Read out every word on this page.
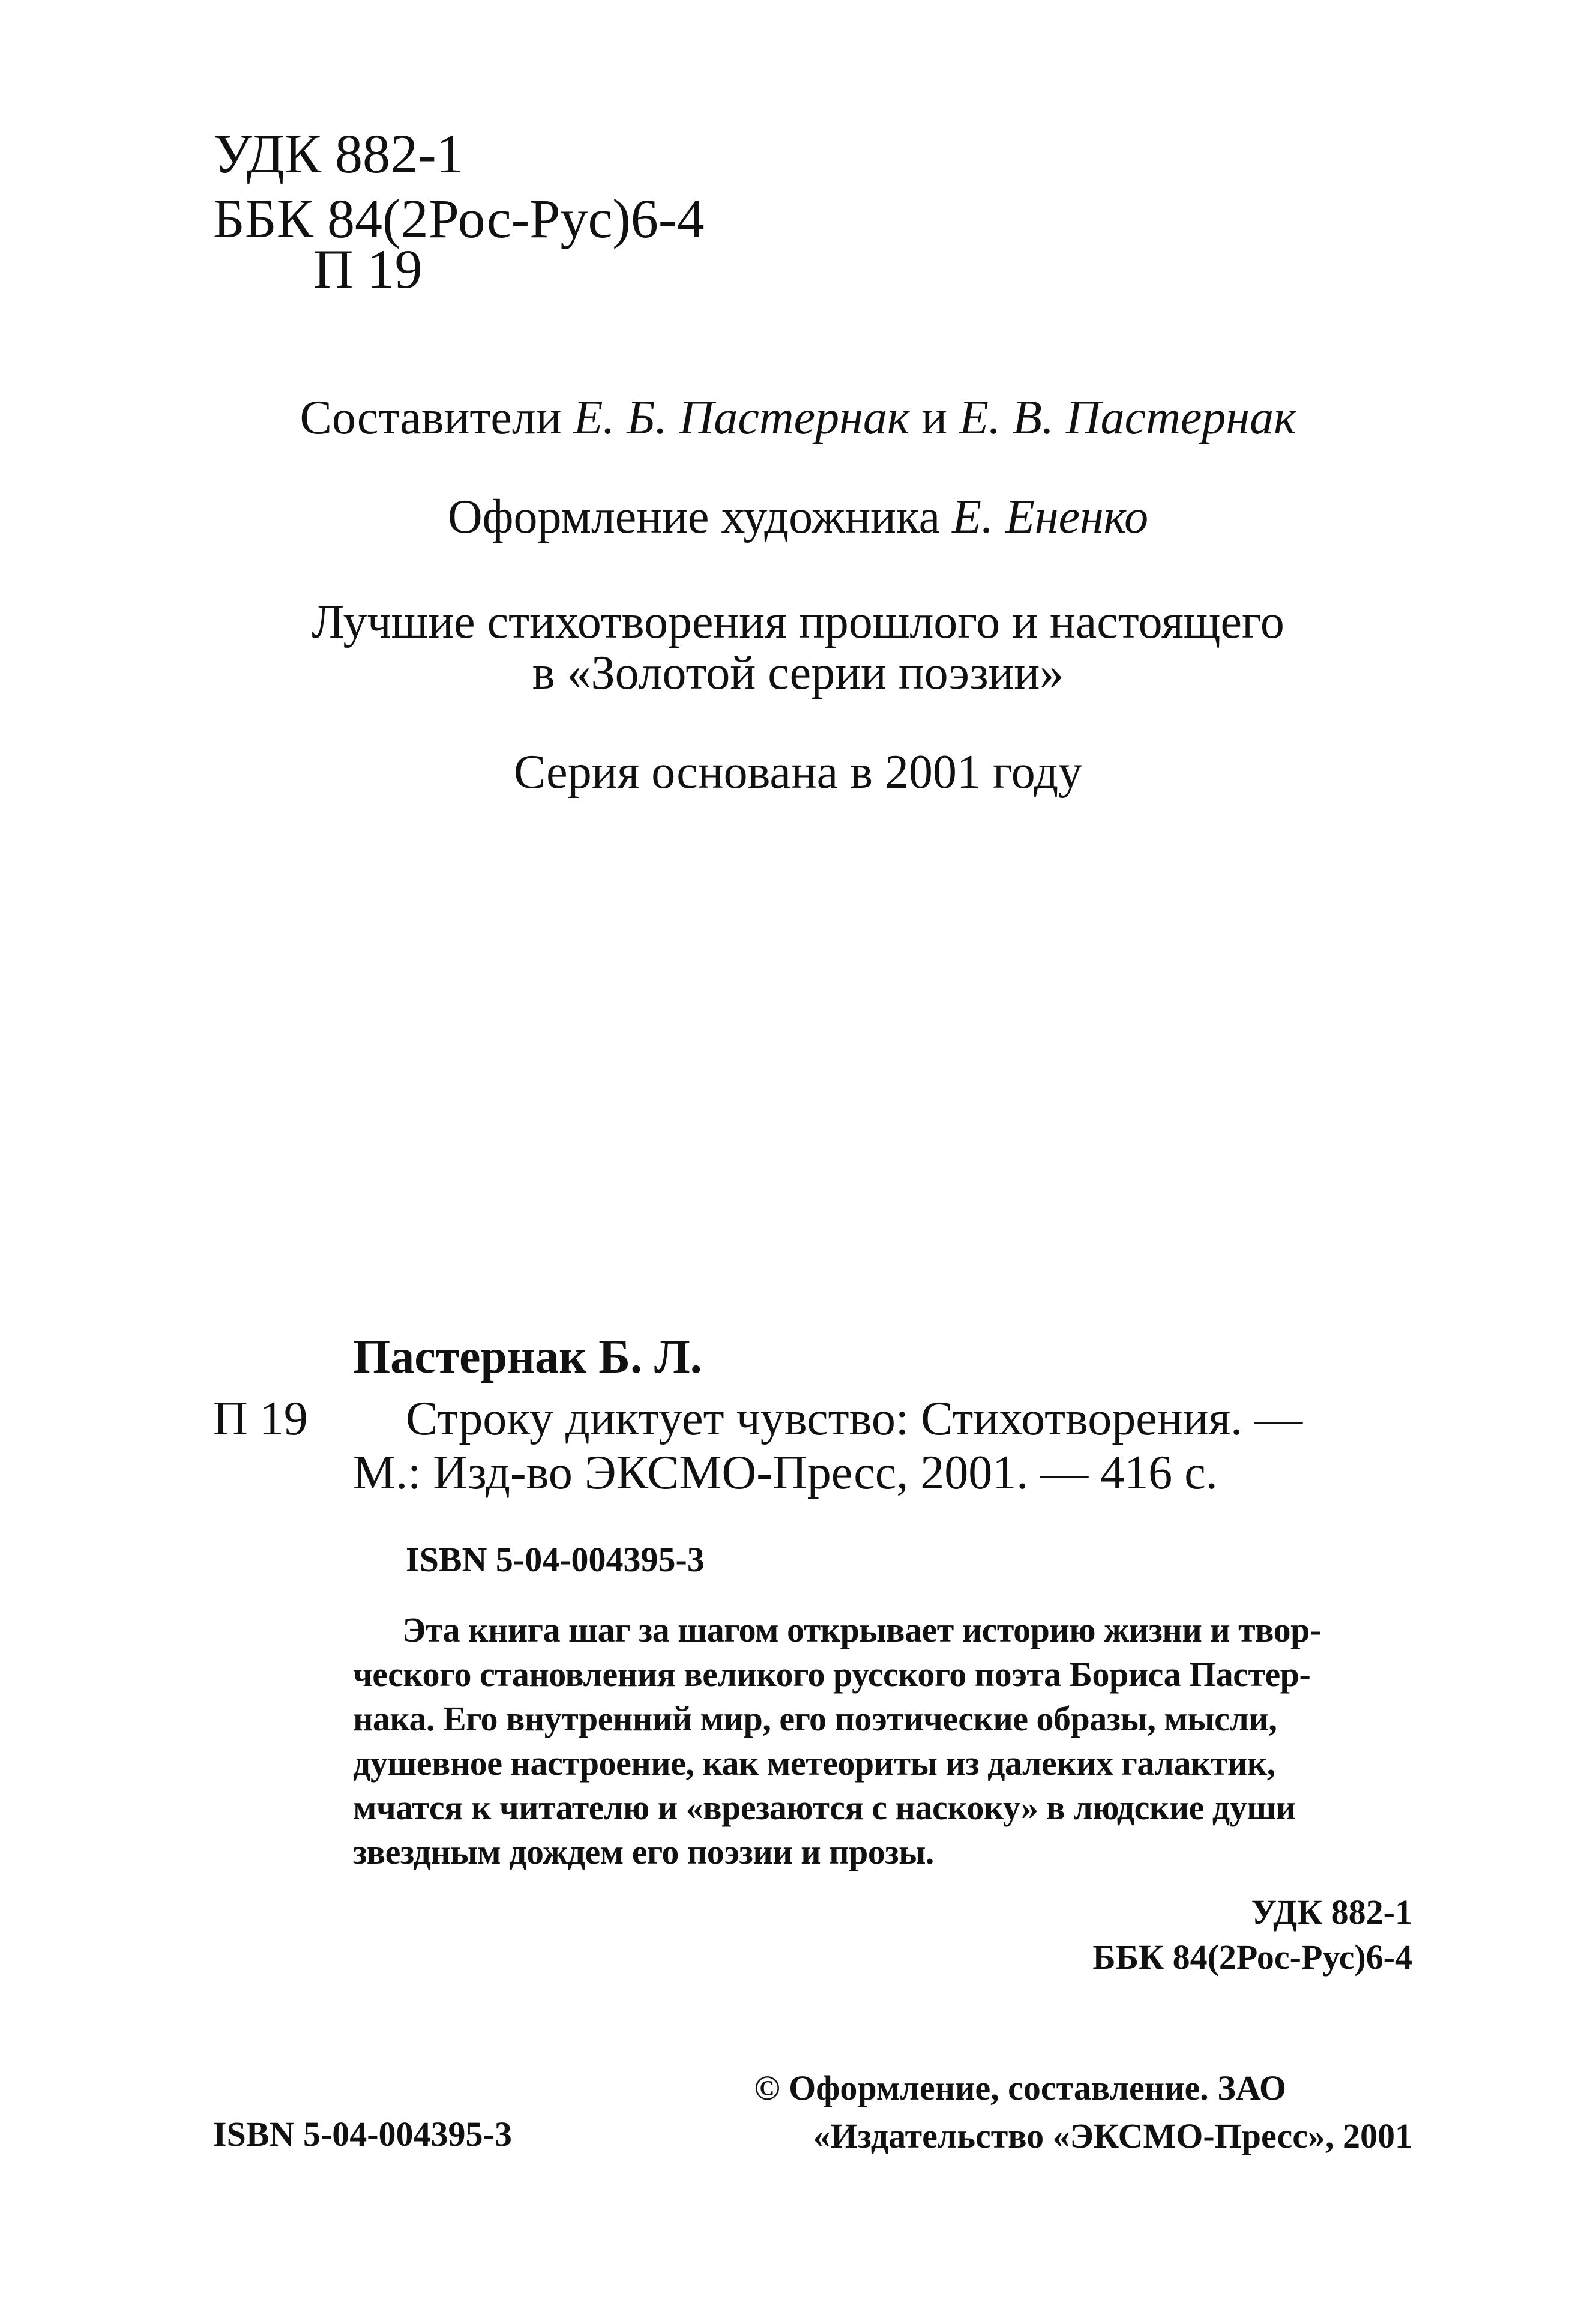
УДК 882-1
ББК 84(2Рос-Рус)6-4
П 19
Составители Е. Б. Пастернак и Е. В. Пастернак
Оформление художника Е. Ененко
Лучшие стихотворения прошлого и настоящего
в «Золотой серии поэзии»
Серия основана в 2001 году
Пастернак Б. Л.
П 19 Строку диктует чувство: Стихотворения. —
М.: Изд-во ЭКСМО-Пресс, 2001. — 416 с.
ISBN 5-04-004395-3
Эта книга шаг за шагом открывает историю жизни и твор-
ческого становления великого русского поэта Бориса Пастер-
нака. Его внутренний мир, его поэтические образы, мысли,
душевное настроение, как метеориты из далеких галактик,
мчатся к читателю и «врезаются с наскоку» в людские души
звездным дождем его поэзии и прозы.
УДК 882-1
ББК 84(2Рос-Рус)6-4
ISBN 5-04-004395-3
© Оформление, составление. ЗАО
«Издательство «ЭКСМО-Пресс», 2001
